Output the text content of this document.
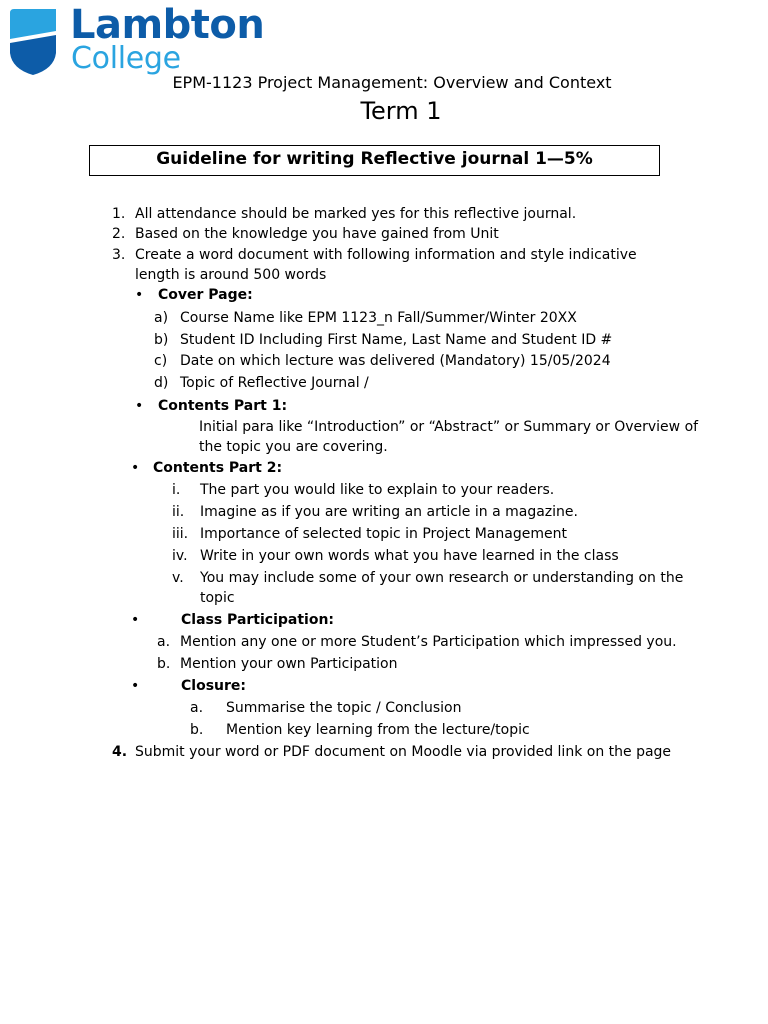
Lambton
College
EPM-1123 Project Management: Overview and Context
Term 1
Guideline for writing Reflective journal 1—5%
1. All attendance should be marked yes for this reflective journal.
2. Based on the knowledge you have gained from Unit
3. Create a word document with following information and style indicative
length is around 500 words
• Cover Page:
a) Course Name like EPM 1123_n Fall/Summer/Winter 20XX
b) Student ID Including First Name, Last Name and Student ID #
c) Date on which lecture was delivered (Mandatory) 15/05/2024
d) Topic of Reflective Journal /
• Contents Part 1:
Initial para like “Introduction” or “Abstract” or Summary or Overview of
the topic you are covering.
• Contents Part 2:
i. The part you would like to explain to your readers.
ii. Imagine as if you are writing an article in a magazine.
iii. Importance of selected topic in Project Management
iv. Write in your own words what you have learned in the class
v. You may include some of your own research or understanding on the
topic
•	Class Participation:
a. Mention any one or more Student’s Participation which impressed you.
b. Mention your own Participation
•	Closure:
a. Summarise the topic / Conclusion
b. Mention key learning from the lecture/topic
4. Submit your word or PDF document on Moodle via provided link on the page
